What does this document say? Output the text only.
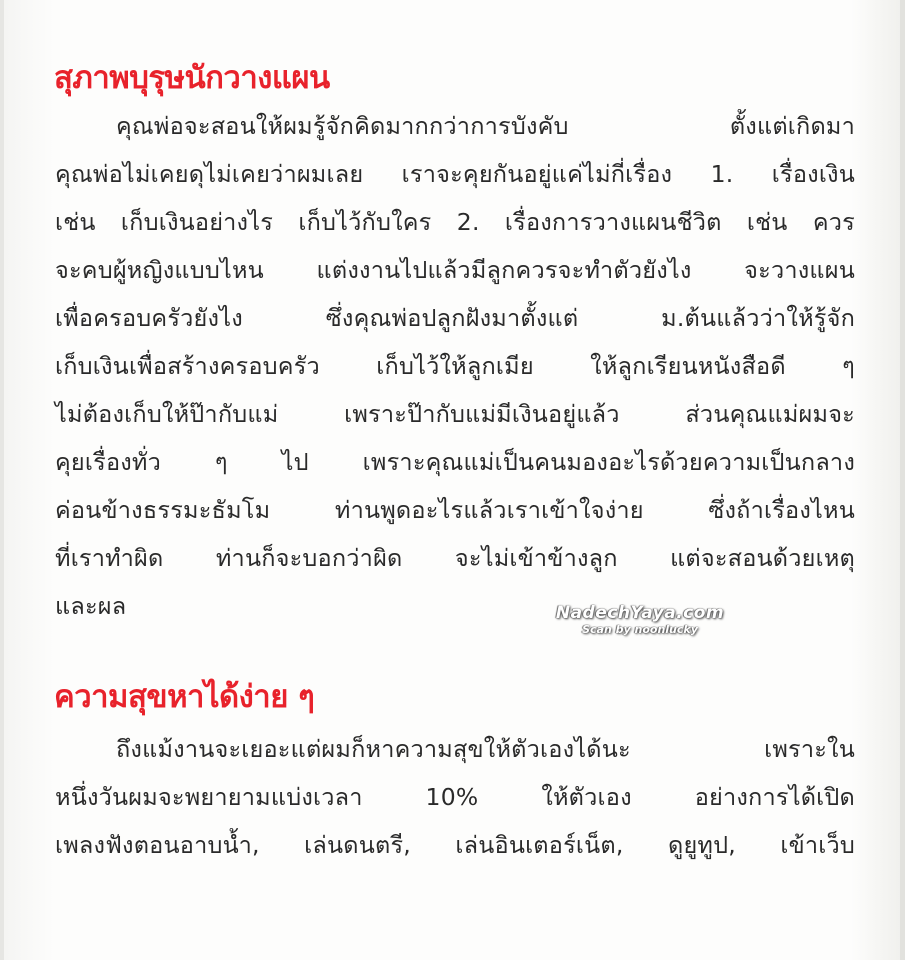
สุภาพบุรุษนักวางแผน
คุณพ่อจะสอนให้ผมรู้จักคิดมากกว่าการบังคับ ตั้งแต่เกิดมา
คุณพ่อไม่เคยดุไม่เคยว่าผมเลย เราจะคุยกันอยู่แค่ไม่กี่เรื่อง 1. เรื่องเงิน
เช่น เก็บเงินอย่างไร เก็บไว้กับใคร 2. เรื่องการวางแผนชีวิต เช่น ควร
จะคบผู้หญิงแบบไหน แต่งงานไปแล้วมีลูกควรจะทำตัวยังไง จะวางแผน
เพื่อครอบครัวยังไง ซึ่งคุณพ่อปลูกฝังมาตั้งแต่ ม.ต้นแล้วว่าให้รู้จัก
เก็บเงินเพื่อสร้างครอบครัว เก็บไว้ให้ลูกเมีย ให้ลูกเรียนหนังสือดี ๆ
ไม่ต้องเก็บให้ป๊ากับแม่ เพราะป๊ากับแม่มีเงินอยู่แล้ว ส่วนคุณแม่ผมจะ
คุยเรื่องทั่ว ๆ ไป เพราะคุณแม่เป็นคนมองอะไรด้วยความเป็นกลาง
ค่อนข้างธรรมะธัมโม ท่านพูดอะไรแล้วเราเข้าใจง่าย ซึ่งถ้าเรื่องไหน
ที่เราทำผิด ท่านก็จะบอกว่าผิด จะไม่เข้าข้างลูก แต่จะสอนด้วยเหตุ
และผล	NadechYaya.com
Scan by noonlucky
ความสุขหาได้ง่าย ๆ
ถึงแม้งานจะเยอะแต่ผมก็หาความสุขให้ตัวเองได้นะ เพราะใน
หนึ่งวันผมจะพยายามแบ่งเวลา 10% ให้ตัวเอง อย่างการได้เปิด
เพลงฟังตอนอาบน้ำ, เล่นดนตรี, เล่นอินเตอร์เน็ต, ดูยูทูป, เข้าเว็บ
